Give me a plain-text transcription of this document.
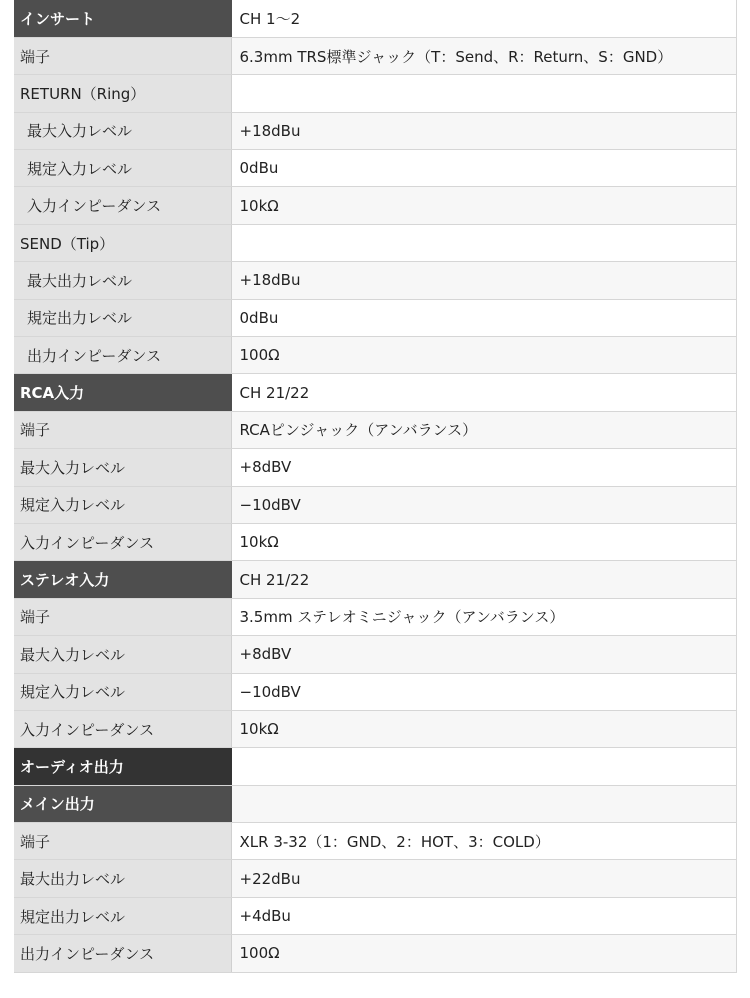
インサート	CH 1〜2
端子	6.3mm TRS標準ジャック（T：Send、R：Return、S：GND）
RETURN（Ring）	
最大入力レベル	+18dBu
規定入力レベル	0dBu
入力インピーダンス	10kΩ
SEND（Tip）	
最大出力レベル	+18dBu
規定出力レベル	0dBu
出力インピーダンス	100Ω
RCA入力	CH 21/22
端子	RCAピンジャック（アンバランス）
最大入力レベル	+8dBV
規定入力レベル	−10dBV
入力インピーダンス	10kΩ
ステレオ入力	CH 21/22
端子	3.5mm ステレオミニジャック（アンバランス）
最大入力レベル	+8dBV
規定入力レベル	−10dBV
入力インピーダンス	10kΩ
オーディオ出力	
メイン出力	
端子	XLR 3-32（1：GND、2：HOT、3：COLD）
最大出力レベル	+22dBu
規定出力レベル	+4dBu
出力インピーダンス	100Ω
